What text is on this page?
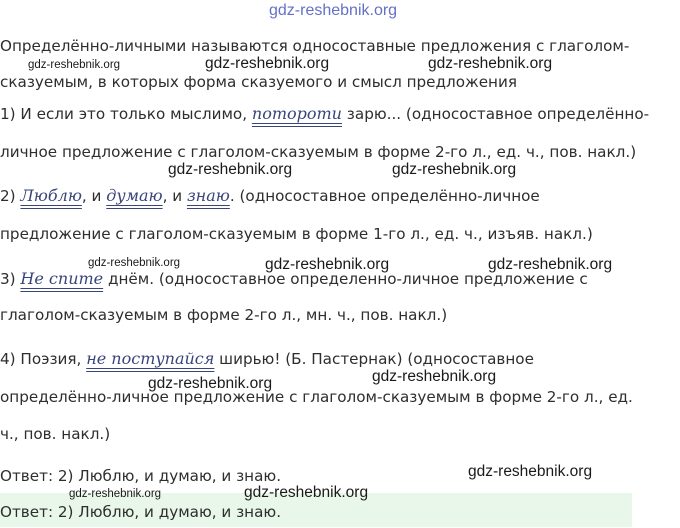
gdz-reshebnik.org
Определённо-личными называются односоставные предложения с глаголом-
сказуемым, в которых форма сказуемого и смысл предложения
1) И если это только мыслимо, потороти зарю... (односоставное определённо-
личное предложение с глаголом-сказуемым в форме 2-го л., ед. ч., пов. накл.)
2) Люблю, и думаю, и знаю. (односоставное определённо-личное
предложение с глаголом-сказуемым в форме 1-го л., ед. ч., изъяв. накл.)
3) Не спите днём. (односоставное определенно-личное предложение с
глаголом-сказуемым в форме 2-го л., мн. ч., пов. накл.)
4) Поэзия, не поступайся ширью! (Б. Пастернак) (односоставное
определённо-личное предложение с глаголом-сказуемым в форме 2-го л., ед.
ч., пов. накл.)
Ответ: 2) Люблю, и думаю, и знаю.
Ответ: 2) Люблю, и думаю, и знаю.
gdz-reshebnik.org	gdz-reshebnik.org	gdz-reshebnik.org
gdz-reshebnik.org	gdz-reshebnik.org
gdz-reshebnik.org	gdz-reshebnik.org	gdz-reshebnik.org
gdz-reshebnik.org	gdz-reshebnik.org
gdz-reshebnik.org
gdz-reshebnik.org	gdz-reshebnik.org
